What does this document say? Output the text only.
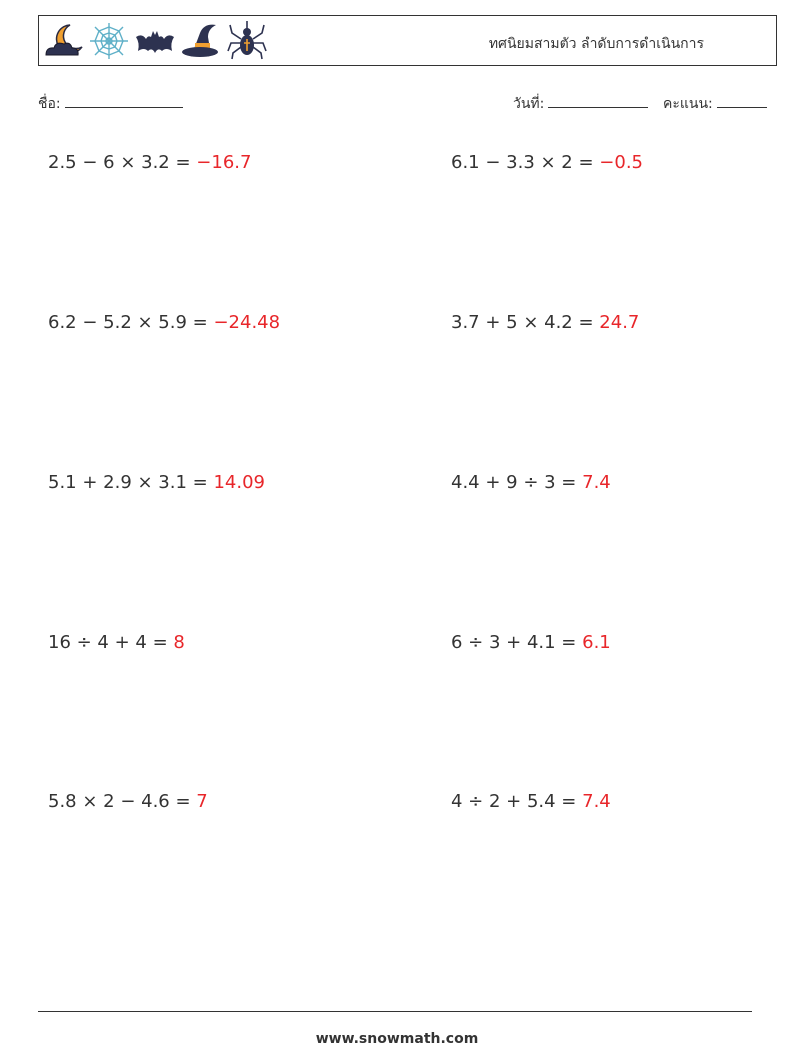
ทศนิยมสามตัว ลำดับการดำเนินการ
ชื่อ:	วันที่:	คะแนน:
2.5 − 6 × 3.2 = −16.7	6.1 − 3.3 × 2 = −0.5
6.2 − 5.2 × 5.9 = −24.48	3.7 + 5 × 4.2 = 24.7
5.1 + 2.9 × 3.1 = 14.09	4.4 + 9 ÷ 3 = 7.4
16 ÷ 4 + 4 = 8	6 ÷ 3 + 4.1 = 6.1
5.8 × 2 − 4.6 = 7	4 ÷ 2 + 5.4 = 7.4
www.snowmath.com
